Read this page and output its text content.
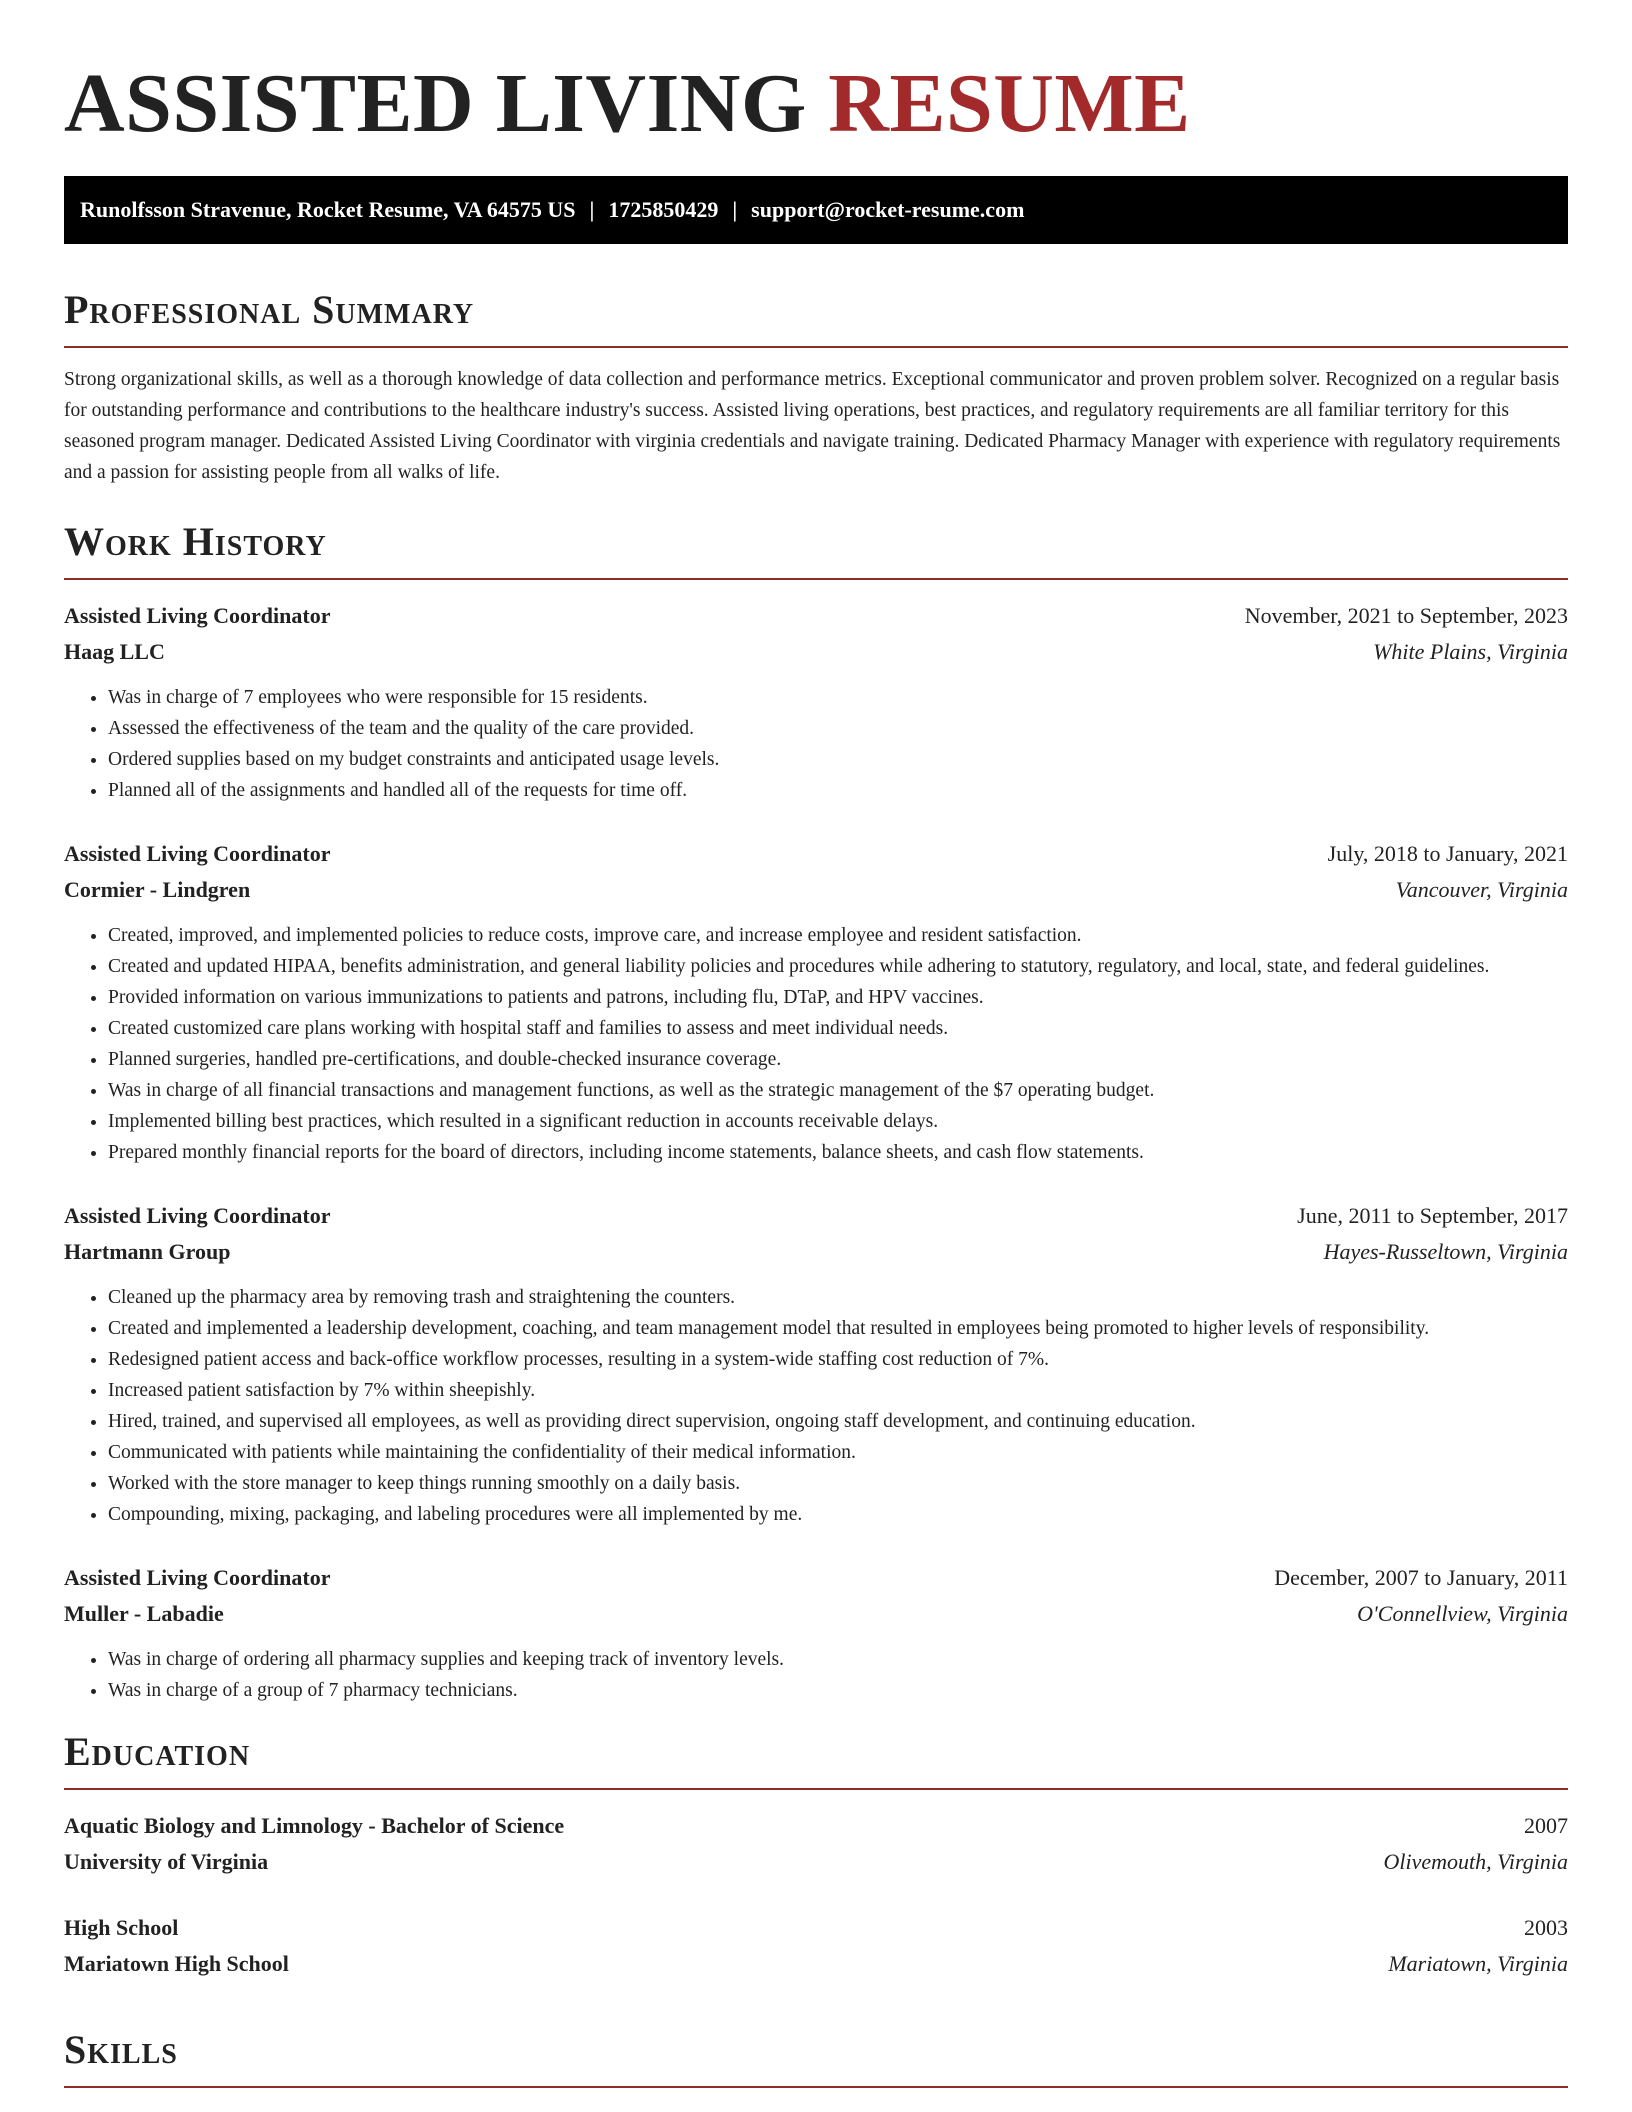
ASSISTED LIVING RESUME
Runolfsson Stravenue, Rocket Resume, VA 64575 US | 1725850429 | support@rocket-resume.com
Professional Summary

Strong organizational skills, as well as a thorough knowledge of data collection and performance metrics. Exceptional communicator and proven problem solver. Recognized on a regular basis for outstanding performance and contributions to the healthcare industry's success. Assisted living operations, best practices, and regulatory requirements are all familiar territory for this seasoned program manager. Dedicated Assisted Living Coordinator with virginia credentials and navigate training. Dedicated Pharmacy Manager with experience with regulatory requirements and a passion for assisting people from all walks of life.

Work History
Assisted Living Coordinator	November, 2021 to September, 2023
Haag LLC	White Plains, Virginia
• Was in charge of 7 employees who were responsible for 15 residents.
• Assessed the effectiveness of the team and the quality of the care provided.
• Ordered supplies based on my budget constraints and anticipated usage levels.
• Planned all of the assignments and handled all of the requests for time off.
Assisted Living Coordinator	July, 2018 to January, 2021
Cormier - Lindgren	Vancouver, Virginia
• Created, improved, and implemented policies to reduce costs, improve care, and increase employee and resident satisfaction.
• Created and updated HIPAA, benefits administration, and general liability policies and procedures while adhering to statutory, regulatory, and local, state, and federal guidelines.
• Provided information on various immunizations to patients and patrons, including flu, DTaP, and HPV vaccines.
• Created customized care plans working with hospital staff and families to assess and meet individual needs.
• Planned surgeries, handled pre-certifications, and double-checked insurance coverage.
• Was in charge of all financial transactions and management functions, as well as the strategic management of the $7 operating budget.
• Implemented billing best practices, which resulted in a significant reduction in accounts receivable delays.
• Prepared monthly financial reports for the board of directors, including income statements, balance sheets, and cash flow statements.
Assisted Living Coordinator	June, 2011 to September, 2017
Hartmann Group	Hayes-Russeltown, Virginia
• Cleaned up the pharmacy area by removing trash and straightening the counters.
• Created and implemented a leadership development, coaching, and team management model that resulted in employees being promoted to higher levels of responsibility.
• Redesigned patient access and back-office workflow processes, resulting in a system-wide staffing cost reduction of 7%.
• Increased patient satisfaction by 7% within sheepishly.
• Hired, trained, and supervised all employees, as well as providing direct supervision, ongoing staff development, and continuing education.
• Communicated with patients while maintaining the confidentiality of their medical information.
• Worked with the store manager to keep things running smoothly on a daily basis.
• Compounding, mixing, packaging, and labeling procedures were all implemented by me.
Assisted Living Coordinator	December, 2007 to January, 2011
Muller - Labadie	O'Connellview, Virginia
• Was in charge of ordering all pharmacy supplies and keeping track of inventory levels.
• Was in charge of a group of 7 pharmacy technicians.
Education
Aquatic Biology and Limnology - Bachelor of Science	2007
University of Virginia	Olivemouth, Virginia
High School	2003
Mariatown High School	Mariatown, Virginia
Skills
